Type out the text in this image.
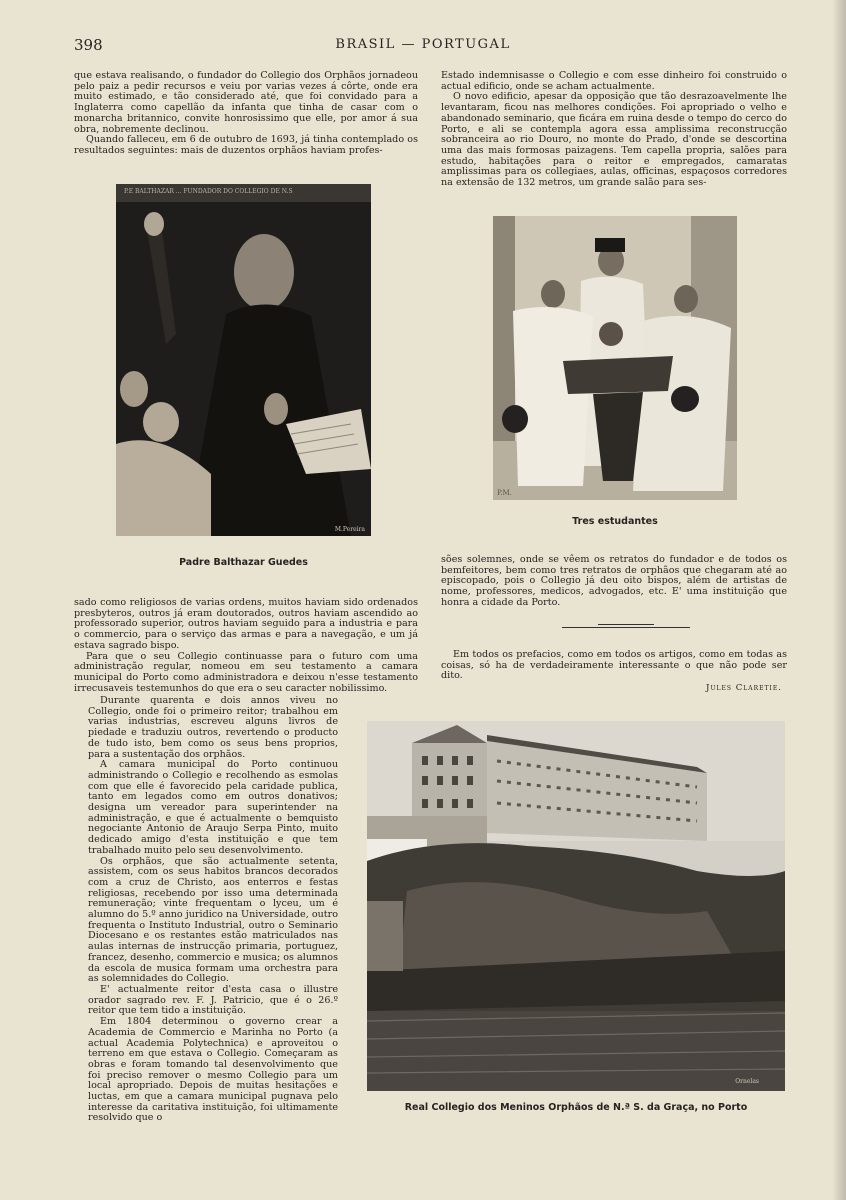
398	BRASIL — PORTUGAL

que estava realisando, o fundador do Collegio dos Orphãos jornadeou pelo paiz a pedir recursos e veiu por varias vezes á côrte, onde era muito estimado, e tão considerado até, que foi convidado para a Inglaterra como capellão da infanta que tinha de casar com o monarcha britannico, convite honrosissimo que elle, por amor á sua obra, nobremente declinou.

Quando falleceu, em 6 de outubro de 1693, já tinha contemplado os resultados seguintes: mais de duzentos orphãos haviam profes-

Estado indemnisasse o Collegio e com esse dinheiro foi construido o actual edificio, onde se acham actualmente.

O novo edificio, apesar da opposição que tão desrazoavelmente lhe levantaram, ficou nas melhores condições. Foi apropriado o velho e abandonado seminario, que ficára em ruina desde o tempo do cerco do Porto, e ali se contempla agora essa amplissima reconstrucção sobranceira ao rio Douro, no monte do Prado, d'onde se descortina uma das mais formosas paizagens. Tem capella propria, salões para estudo, habitações para o reitor e empregados, camaratas amplissimas para os collegiaes, aulas, officinas, espaçosos corredores na extensão de 132 metros, um grande salão para ses-

P.E BALTHAZAR ... FUNDADOR DO COLLEGIO DE N.S
M.Pereira
Padre Balthazar Guedes
P.M.
Tres estudantes

sões solemnes, onde se vêem os retratos do fundador e de todos os bemfeitores, bem como tres retratos de orphãos que chegaram até ao episcopado, pois o Collegio já deu oito bispos, além de artistas de nome, professores, medicos, advogados, etc. E' uma instituição que honra a cidade da Porto.

Em todos os prefacios, como em todos os artigos, como em todas as coisas, só ha de verdadeiramente interessante o que não pode ser dito.

Jules Claretie.

sado como religiosos de varias ordens, muitos haviam sido ordenados presbyteros, outros já eram doutorados, outros haviam ascendido ao professorado superior, outros haviam seguido para a industria e para o commercio, para o serviço das armas e para a navegação, e um já estava sagrado bispo.

Para que o seu Collegio continuasse para o futuro com uma administração regular, nomeou em seu testamento a camara municipal do Porto como administradora e deixou n'esse testamento irrecusaveis testemunhos do que era o seu caracter nobilissimo.

Durante quarenta e dois annos viveu no Collegio, onde foi o primeiro reitor; trabalhou em varias industrias, escreveu alguns livros de piedade e traduziu outros, revertendo o producto de tudo isto, bem como os seus bens proprios, para a sustentação dos orphãos.

A camara municipal do Porto continuou administrando o Collegio e recolhendo as esmolas com que elle é favorecido pela caridade publica, tanto em legados como em outros donativos; designa um vereador para superintender na administração, e que é actualmente o bemquisto negociante Antonio de Araujo Serpa Pinto, muito dedicado amigo d'esta instituição e que tem trabalhado muito pelo seu desenvolvimento.

Os orphãos, que são actualmente setenta, assistem, com os seus habitos brancos decorados com a cruz de Christo, aos enterros e festas religiosas, recebendo por isso uma determinada remuneração; vinte frequentam o lyceu, um é alumno do 5.º anno juridico na Universidade, outro frequenta o Instituto Industrial, outro o Seminario Diocesano e os restantes estão matriculados nas aulas internas de instrucção primaria, portuguez, francez, desenho, commercio e musica; os alumnos da escola de musica formam uma orchestra para as solemnidades do Collegio.

E' actualmente reitor d'esta casa o illustre orador sagrado rev. F. J. Patricio, que é o 26.º reitor que tem tido a instituição.

Em 1804 determinou o governo crear a Academia de Commercio e Marinha no Porto (a actual Academia Polytechnica) e aproveitou o terreno em que estava o Collegio. Começaram as obras e foram tomando tal desenvolvimento que foi preciso remover o mesmo Collegio para um local apropriado. Depois de muitas hesitações e luctas, em que a camara municipal pugnava pelo interesse da caritativa instituição, foi ultimamente resolvido que o

Ornelas
Real Collegio dos Meninos Orphãos de N.ª S. da Graça, no Porto
